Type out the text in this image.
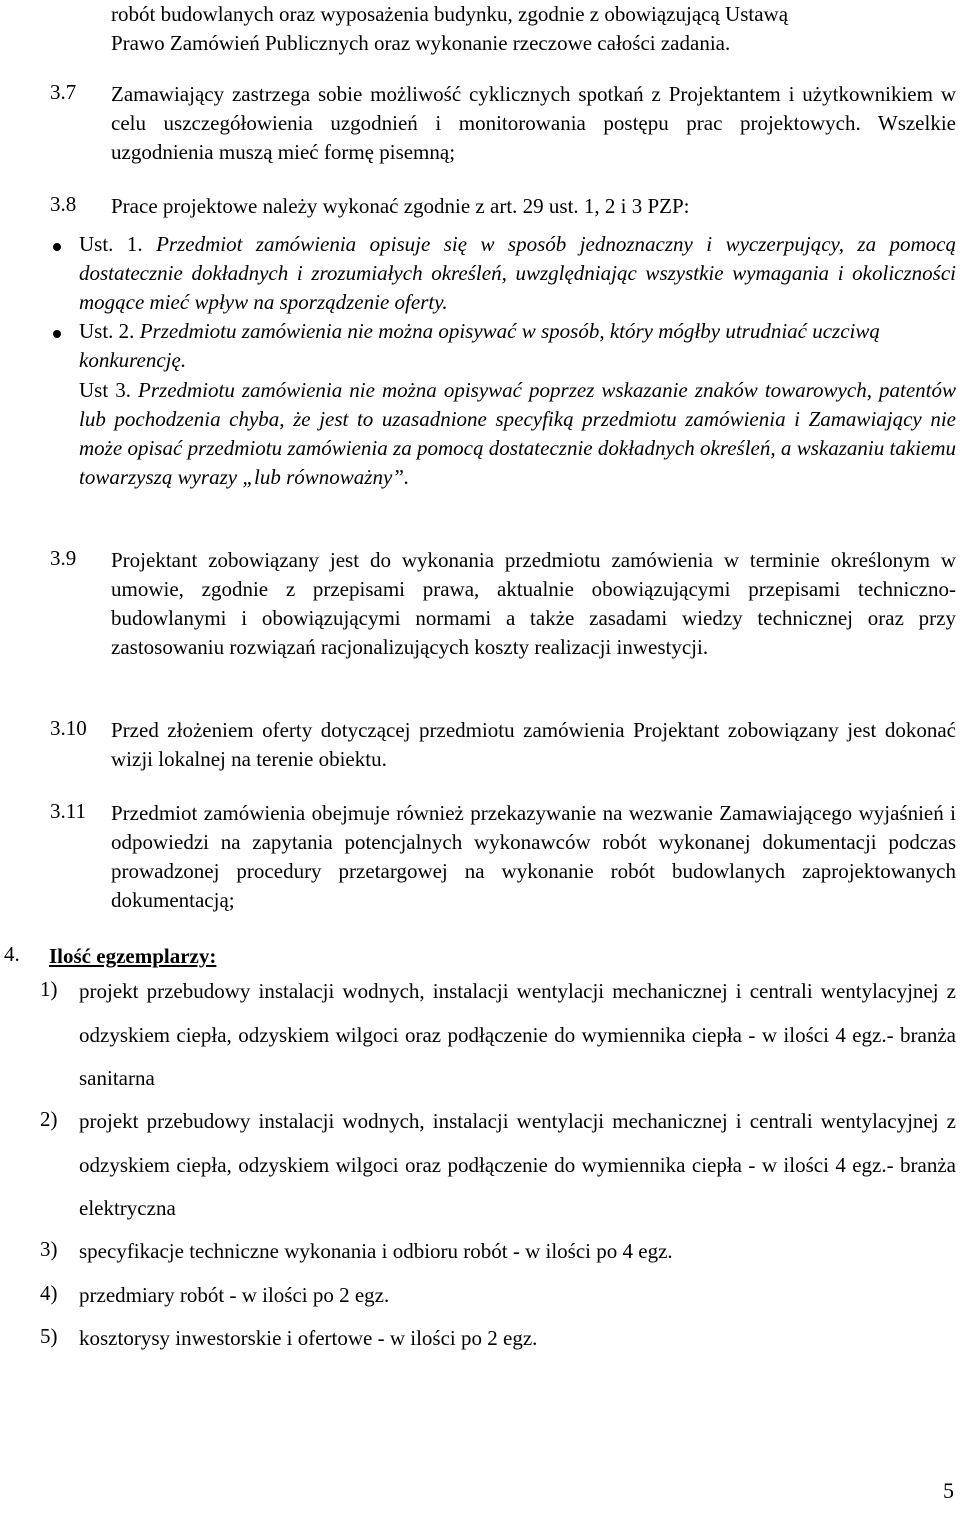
robót budowlanych oraz wyposażenia budynku, zgodnie z obowiązującą Ustawą
Prawo Zamówień Publicznych oraz wykonanie rzeczowe całości zadania.
3.7 Zamawiający zastrzega sobie możliwość cyklicznych spotkań z Projektantem i użytkownikiem w celu uszczegółowienia uzgodnień i monitorowania postępu prac projektowych. Wszelkie uzgodnienia muszą mieć formę pisemną;
3.8 Prace projektowe należy wykonać zgodnie z art. 29 ust. 1, 2 i 3 PZP:
Ust. 1. Przedmiot zamówienia opisuje się w sposób jednoznaczny i wyczerpujący, za pomocą dostatecznie dokładnych i zrozumiałych określeń, uwzględniając wszystkie wymagania i okoliczności mogące mieć wpływ na sporządzenie oferty.
Ust. 2. Przedmiotu zamówienia nie można opisywać w sposób, który mógłby utrudniać uczciwą konkurencję.
Ust 3. Przedmiotu zamówienia nie można opisywać poprzez wskazanie znaków towarowych, patentów lub pochodzenia chyba, że jest to uzasadnione specyfiką przedmiotu zamówienia i Zamawiający nie może opisać przedmiotu zamówienia za pomocą dostatecznie dokładnych określeń, a wskazaniu takiemu towarzyszą wyrazy „lub równoważny”.
3.9 Projektant zobowiązany jest do wykonania przedmiotu zamówienia w terminie określonym w umowie, zgodnie z przepisami prawa, aktualnie obowiązującymi przepisami techniczno-budowlanymi i obowiązującymi normami a także zasadami wiedzy technicznej oraz przy zastosowaniu rozwiązań racjonalizujących koszty realizacji inwestycji.
3.10 Przed złożeniem oferty dotyczącej przedmiotu zamówienia Projektant zobowiązany jest dokonać wizji lokalnej na terenie obiektu.
3.11 Przedmiot zamówienia obejmuje również przekazywanie na wezwanie Zamawiającego wyjaśnień i odpowiedzi na zapytania potencjalnych wykonawców robót wykonanej dokumentacji podczas prowadzonej procedury przetargowej na wykonanie robót budowlanych zaprojektowanych dokumentacją;
4. Ilość egzemplarzy:
1) projekt przebudowy instalacji wodnych, instalacji wentylacji mechanicznej i centrali wentylacyjnej z odzyskiem ciepła, odzyskiem wilgoci oraz podłączenie do wymiennika ciepła - w ilości 4 egz.- branża sanitarna
2) projekt przebudowy instalacji wodnych, instalacji wentylacji mechanicznej i centrali wentylacyjnej z odzyskiem ciepła, odzyskiem wilgoci oraz podłączenie do wymiennika ciepła - w ilości 4 egz.- branża elektryczna
3) specyfikacje techniczne wykonania i odbioru robót - w ilości po 4 egz.
4) przedmiary robót - w ilości po 2 egz.
5) kosztorysy inwestorskie i ofertowe - w ilości po 2 egz.
5
